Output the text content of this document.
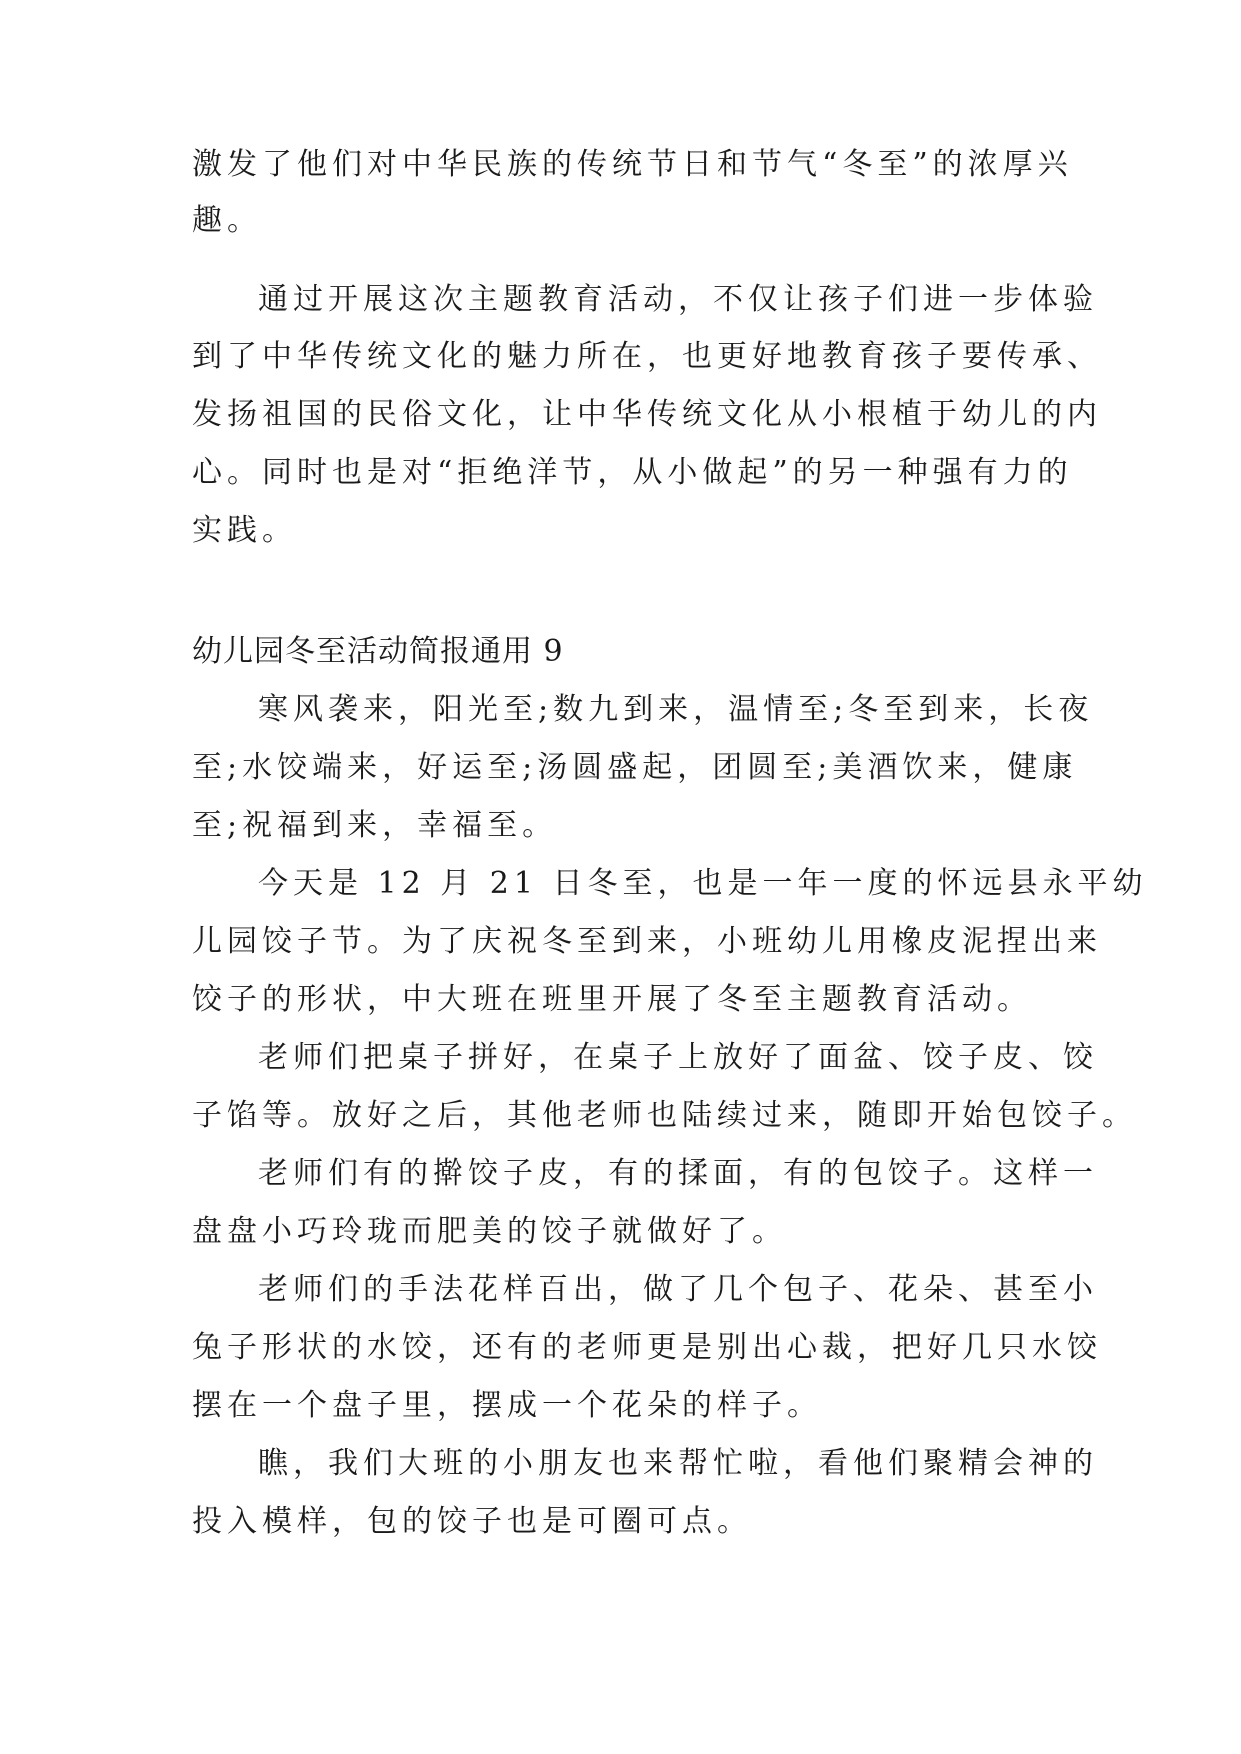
激发了他们对中华民族的传统节日和节气“冬至”的浓厚兴
趣。
通过开展这次主题教育活动，不仅让孩子们进一步体验
到了中华传统文化的魅力所在，也更好地教育孩子要传承、
发扬祖国的民俗文化，让中华传统文化从小根植于幼儿的内
心。同时也是对“拒绝洋节，从小做起”的另一种强有力的
实践。
幼儿园冬至活动简报通用 9
寒风袭来，阳光至;数九到来，温情至;冬至到来，长夜
至;水饺端来，好运至;汤圆盛起，团圆至;美酒饮来，健康
至;祝福到来，幸福至。
今天是 12 月 21 日冬至，也是一年一度的怀远县永平幼
儿园饺子节。为了庆祝冬至到来，小班幼儿用橡皮泥捏出来
饺子的形状，中大班在班里开展了冬至主题教育活动。
老师们把桌子拼好，在桌子上放好了面盆、饺子皮、饺
子馅等。放好之后，其他老师也陆续过来，随即开始包饺子。
老师们有的擀饺子皮，有的揉面，有的包饺子。这样一
盘盘小巧玲珑而肥美的饺子就做好了。
老师们的手法花样百出，做了几个包子、花朵、甚至小
兔子形状的水饺，还有的老师更是别出心裁，把好几只水饺
摆在一个盘子里，摆成一个花朵的样子。
瞧，我们大班的小朋友也来帮忙啦，看他们聚精会神的
投入模样，包的饺子也是可圈可点。
